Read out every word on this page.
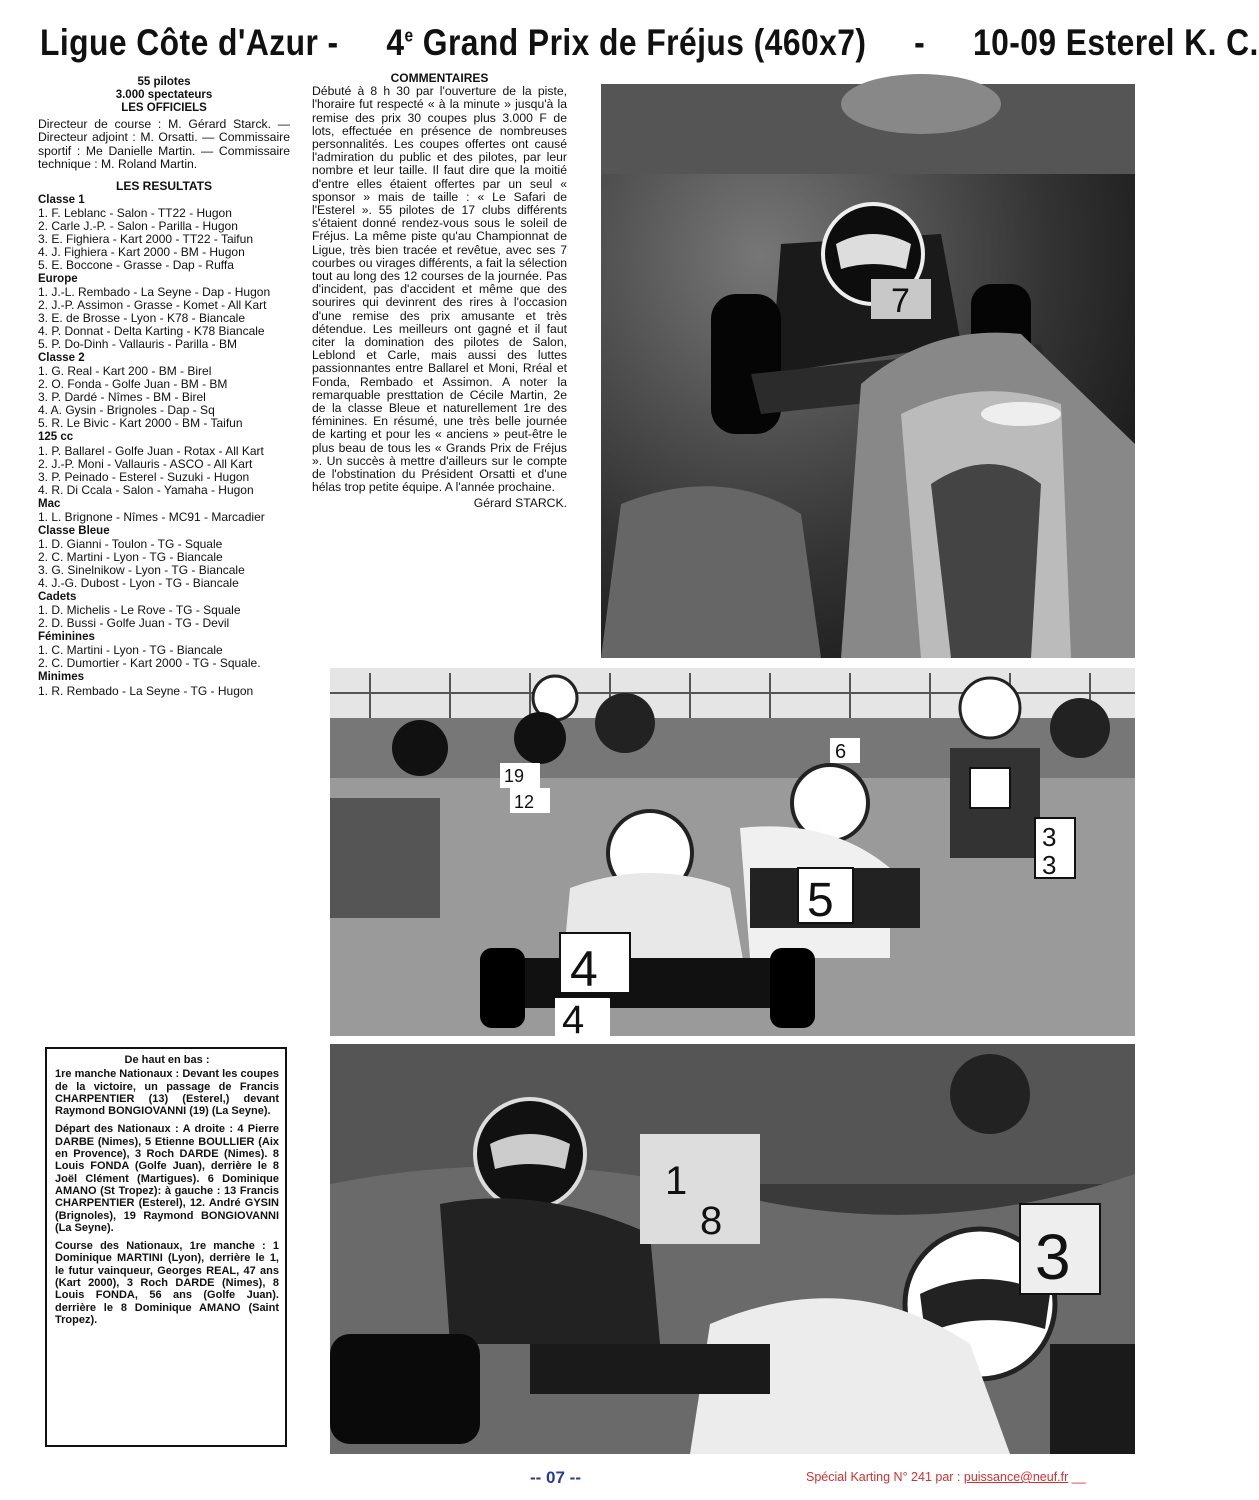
Ligue Côte d'Azur - 4e Grand Prix de Fréjus (460x7) - 10-09 Esterel K. C.
55 pilotes
3.000 spectateurs
LES OFFICIELS
Directeur de course : M. Gérard Starck. — Directeur adjoint : M. Orsatti. — Commissaire sportif : Me Danielle Martin. — Commissaire technique : M. Roland Martin.
LES RESULTATS
Classe 1
1. F. Leblanc - Salon - TT22 - Hugon
2. Carle J.-P. - Salon - Parilla - Hugon
3. E. Fighiera - Kart 2000 - TT22 - Taifun
4. J. Fighiera - Kart 2000 - BM - Hugon
5. E. Boccone - Grasse - Dap - Ruffa
Europe
1. J.-L. Rembado - La Seyne - Dap - Hugon
2. J.-P. Assimon - Grasse - Komet - All Kart
3. E. de Brosse - Lyon - K78 - Biancale
4. P. Donnat - Delta Karting - K78 Biancale
5. P. Do-Dinh - Vallauris - Parilla - BM
Classe 2
1. G. Real - Kart 200 - BM - Birel
2. O. Fonda - Golfe Juan - BM - BM
3. P. Dardé - Nîmes - BM - Birel
4. A. Gysin - Brignoles - Dap - Sq
5. R. Le Bivic - Kart 2000 - BM - Taifun
125 cc
1. P. Ballarel - Golfe Juan - Rotax - All Kart
2. J.-P. Moni - Vallauris - ASCO - All Kart
3. P. Peinado - Esterel - Suzuki - Hugon
4. R. Di Ccala - Salon - Yamaha - Hugon
Mac
1. L. Brignone - Nîmes - MC91 - Marcadier
Classe Bleue
1. D. Gianni - Toulon - TG - Squale
2. C. Martini - Lyon - TG - Biancale
3. G. Sinelnikow - Lyon - TG - Biancale
4. J.-G. Dubost - Lyon - TG - Biancale
Cadets
1. D. Michelis - Le Rove - TG - Squale
2. D. Bussi - Golfe Juan - TG - Devil
Féminines
1. C. Martini - Lyon - TG - Biancale
2. C. Dumortier - Kart 2000 - TG - Squale.
Minimes
1. R. Rembado - La Seyne - TG - Hugon

De haut en bas :

1re manche Nationaux : Devant les coupes de la victoire, un passage de Francis CHARPENTIER (13) (Esterel,) devant Raymond BONGIOVANNI (19) (La Seyne).

Départ des Nationaux : A droite : 4 Pierre DARBE (Nimes), 5 Etienne BOULLIER (Aix en Provence), 3 Roch DARDE (Nimes). 8 Louis FONDA (Golfe Juan), derrière le 8 Joël Clément (Martigues). 6 Dominique AMANO (St Tropez): à gauche : 13 Francis CHARPENTIER (Esterel), 12. André GYSIN (Brignoles), 19 Raymond BONGIOVANNI (La Seyne).

Course des Nationaux, 1re manche : 1 Dominique MARTINI (Lyon), derrière le 1, le futur vainqueur, Georges REAL, 47 ans (Kart 2000), 3 Roch DARDE (Nimes), 8 Louis FONDA, 56 ans (Golfe Juan). derrière le 8 Dominique AMANO (Saint Tropez).

COMMENTAIRES

Débuté à 8 h 30 par l'ouverture de la piste, l'horaire fut respecté « à la minute » jusqu'à la remise des prix 30 coupes plus 3.000 F de lots, effectuée en présence de nombreuses personnalités. Les coupes offertes ont causé l'admiration du public et des pilotes, par leur nombre et leur taille. Il faut dire que la moitié d'entre elles étaient offertes par un seul « sponsor » mais de taille : « Le Safari de l'Esterel ». 55 pilotes de 17 clubs différents s'étaient donné rendez-vous sous le soleil de Fréjus. La même piste qu'au Championnat de Ligue, très bien tracée et revêtue, avec ses 7 courbes ou virages différents, a fait la sélection tout au long des 12 courses de la journée. Pas d'incident, pas d'accident et même que des sourires qui devinrent des rires à l'occasion d'une remise des prix amusante et très détendue. Les meilleurs ont gagné et il faut citer la domination des pilotes de Salon, Leblond et Carle, mais aussi des luttes passionnantes entre Ballarel et Moni, Rréal et Fonda, Rembado et Assimon. A noter la remarquable presttation de Cécile Martin, 2e de la classe Bleue et naturellement 1re des féminines. En résumé, une très belle journée de karting et pour les « anciens » peut-être le plus beau de tous les « Grands Prix de Fréjus ». Un succès à mettre d'ailleurs sur le compte de l'obstination du Président Orsatti et d'une hélas trop petite équipe. A l'année prochaine.

Gérard STARCK.
7
4
4
5
3
3
6
12
19
1
8	3
-- 07 --	Spécial Karting N° 241 par : puissance@neuf.fr __
